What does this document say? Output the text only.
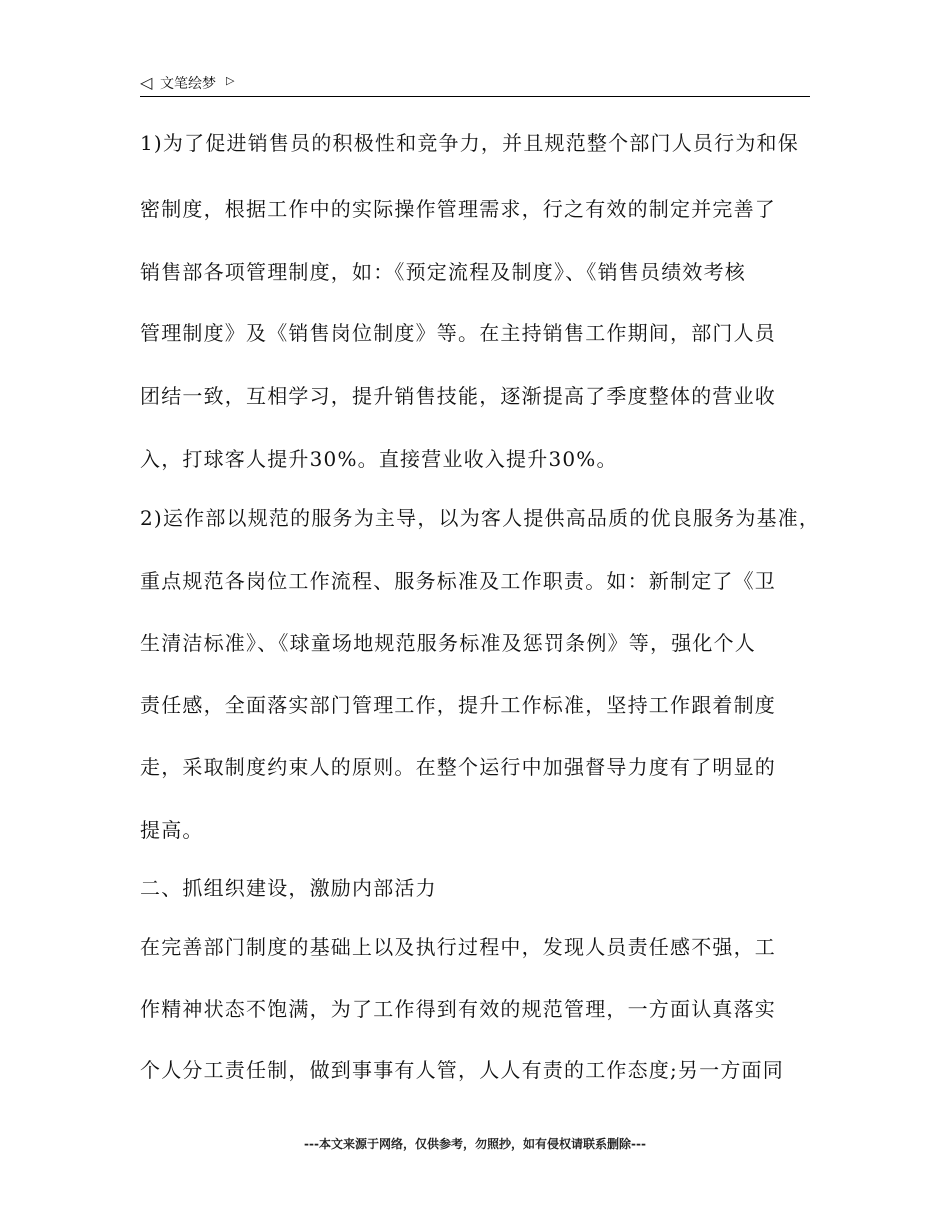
◁ 文笔绘梦 ▷
1)为了促进销售员的积极性和竞争力，并且规范整个部门人员行为和保
密制度，根据工作中的实际操作管理需求，行之有效的制定并完善了
销售部各项管理制度，如：《预定流程及制度》、《销售员绩效考核
管理制度》及《销售岗位制度》等。在主持销售工作期间，部门人员
团结一致，互相学习，提升销售技能，逐渐提高了季度整体的营业收
入，打球客人提升30%。直接营业收入提升30%。
2)运作部以规范的服务为主导，以为客人提供高品质的优良服务为基准，
重点规范各岗位工作流程、服务标准及工作职责。如：新制定了《卫
生清洁标准》、《球童场地规范服务标准及惩罚条例》等，强化个人
责任感，全面落实部门管理工作，提升工作标准，坚持工作跟着制度
走，采取制度约束人的原则。在整个运行中加强督导力度有了明显的
提高。
二、抓组织建设，激励内部活力
在完善部门制度的基础上以及执行过程中，发现人员责任感不强，工
作精神状态不饱满，为了工作得到有效的规范管理，一方面认真落实
个人分工责任制，做到事事有人管，人人有责的工作态度;另一方面同
---本文来源于网络，仅供参考，勿照抄，如有侵权请联系删除---
